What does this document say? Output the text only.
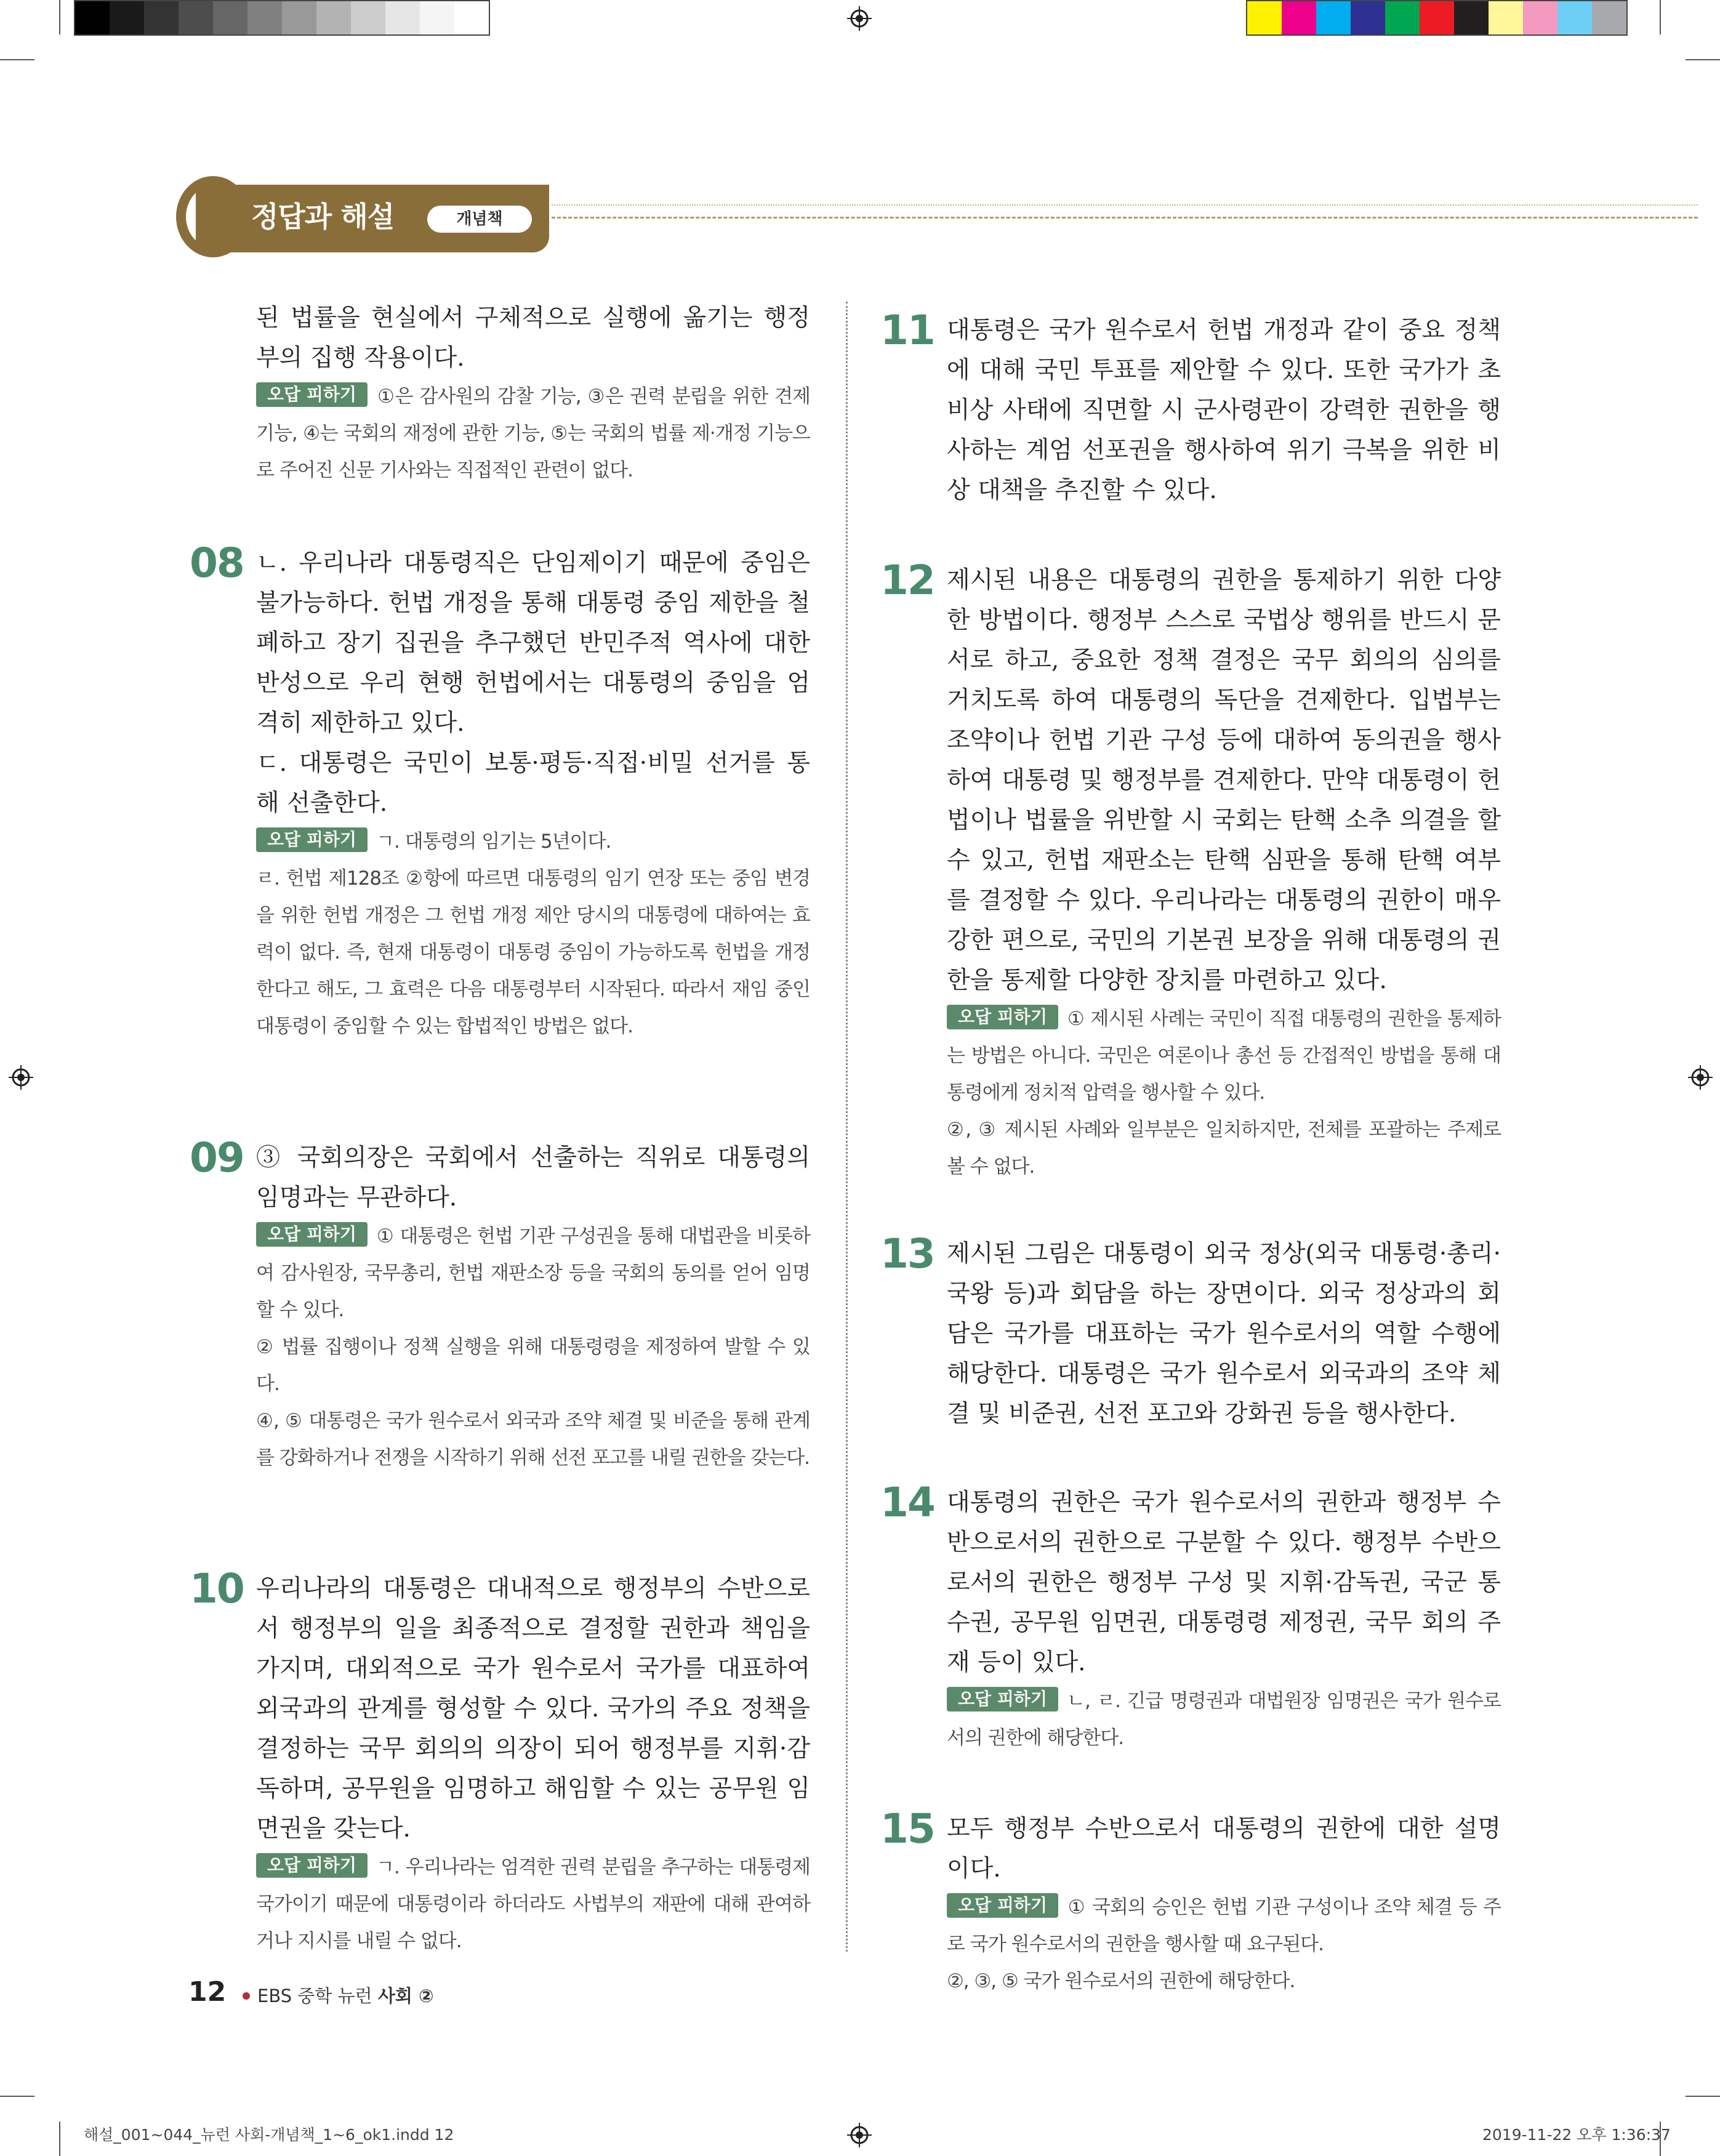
정답과 해설	개념책

된 법률을 현실에서 구체적으로 실행에 옮기는 행정부의 집행 작용이다.

오답 피하기 ①은 감사원의 감찰 기능, ③은 권력 분립을 위한 견제 기능, ④는 국회의 재정에 관한 기능, ⑤는 국회의 법률 제·개정 기능으로 주어진 신문 기사와는 직접적인 관련이 없다.

08 ㄴ. 우리나라 대통령직은 단임제이기 때문에 중임은 불가능하다. 헌법 개정을 통해 대통령 중임 제한을 철폐하고 장기 집권을 추구했던 반민주적 역사에 대한 반성으로 우리 현행 헌법에서는 대통령의 중임을 엄격히 제한하고 있다.

ㄷ. 대통령은 국민이 보통·평등·직접·비밀 선거를 통해 선출한다.

오답 피하기 ㄱ. 대통령의 임기는 5년이다.

ㄹ. 헌법 제128조 ②항에 따르면 대통령의 임기 연장 또는 중임 변경을 위한 헌법 개정은 그 헌법 개정 제안 당시의 대통령에 대하여는 효력이 없다. 즉, 현재 대통령이 대통령 중임이 가능하도록 헌법을 개정한다고 해도, 그 효력은 다음 대통령부터 시작된다. 따라서 재임 중인 대통령이 중임할 수 있는 합법적인 방법은 없다.

09 ③ 국회의장은 국회에서 선출하는 직위로 대통령의 임명과는 무관하다.

오답 피하기 ① 대통령은 헌법 기관 구성권을 통해 대법관을 비롯하여 감사원장, 국무총리, 헌법 재판소장 등을 국회의 동의를 얻어 임명할 수 있다.

② 법률 집행이나 정책 실행을 위해 대통령령을 제정하여 발할 수 있다.

④, ⑤ 대통령은 국가 원수로서 외국과 조약 체결 및 비준을 통해 관계를 강화하거나 전쟁을 시작하기 위해 선전 포고를 내릴 권한을 갖는다.

10 우리나라의 대통령은 대내적으로 행정부의 수반으로서 행정부의 일을 최종적으로 결정할 권한과 책임을 가지며, 대외적으로 국가 원수로서 국가를 대표하여 외국과의 관계를 형성할 수 있다. 국가의 주요 정책을 결정하는 국무 회의의 의장이 되어 행정부를 지휘·감독하며, 공무원을 임명하고 해임할 수 있는 공무원 임면권을 갖는다.

오답 피하기 ㄱ. 우리나라는 엄격한 권력 분립을 추구하는 대통령제 국가이기 때문에 대통령이라 하더라도 사법부의 재판에 대해 관여하거나 지시를 내릴 수 없다.

11 대통령은 국가 원수로서 헌법 개정과 같이 중요 정책에 대해 국민 투표를 제안할 수 있다. 또한 국가가 초비상 사태에 직면할 시 군사령관이 강력한 권한을 행사하는 계엄 선포권을 행사하여 위기 극복을 위한 비상 대책을 추진할 수 있다.

12 제시된 내용은 대통령의 권한을 통제하기 위한 다양한 방법이다. 행정부 스스로 국법상 행위를 반드시 문서로 하고, 중요한 정책 결정은 국무 회의의 심의를 거치도록 하여 대통령의 독단을 견제한다. 입법부는 조약이나 헌법 기관 구성 등에 대하여 동의권을 행사하여 대통령 및 행정부를 견제한다. 만약 대통령이 헌법이나 법률을 위반할 시 국회는 탄핵 소추 의결을 할 수 있고, 헌법 재판소는 탄핵 심판을 통해 탄핵 여부를 결정할 수 있다. 우리나라는 대통령의 권한이 매우 강한 편으로, 국민의 기본권 보장을 위해 대통령의 권한을 통제할 다양한 장치를 마련하고 있다.

오답 피하기 ① 제시된 사례는 국민이 직접 대통령의 권한을 통제하는 방법은 아니다. 국민은 여론이나 총선 등 간접적인 방법을 통해 대통령에게 정치적 압력을 행사할 수 있다.

②, ③ 제시된 사례와 일부분은 일치하지만, 전체를 포괄하는 주제로 볼 수 없다.

13 제시된 그림은 대통령이 외국 정상(외국 대통령·총리·국왕 등)과 회담을 하는 장면이다. 외국 정상과의 회담은 국가를 대표하는 국가 원수로서의 역할 수행에 해당한다. 대통령은 국가 원수로서 외국과의 조약 체결 및 비준권, 선전 포고와 강화권 등을 행사한다.

14 대통령의 권한은 국가 원수로서의 권한과 행정부 수반으로서의 권한으로 구분할 수 있다. 행정부 수반으로서의 권한은 행정부 구성 및 지휘·감독권, 국군 통수권, 공무원 임면권, 대통령령 제정권, 국무 회의 주재 등이 있다.

오답 피하기 ㄴ, ㄹ. 긴급 명령권과 대법원장 임명권은 국가 원수로서의 권한에 해당한다.

15 모두 행정부 수반으로서 대통령의 권한에 대한 설명이다.

오답 피하기 ① 국회의 승인은 헌법 기관 구성이나 조약 체결 등 주로 국가 원수로서의 권한을 행사할 때 요구된다.

②, ③, ⑤ 국가 원수로서의 권한에 해당한다.

12	EBS 중학 뉴런 사회 ②
해설_001~044_뉴런 사회-개념책_1~6_ok1.indd 12	2019-11-22 오후 1:36:37
